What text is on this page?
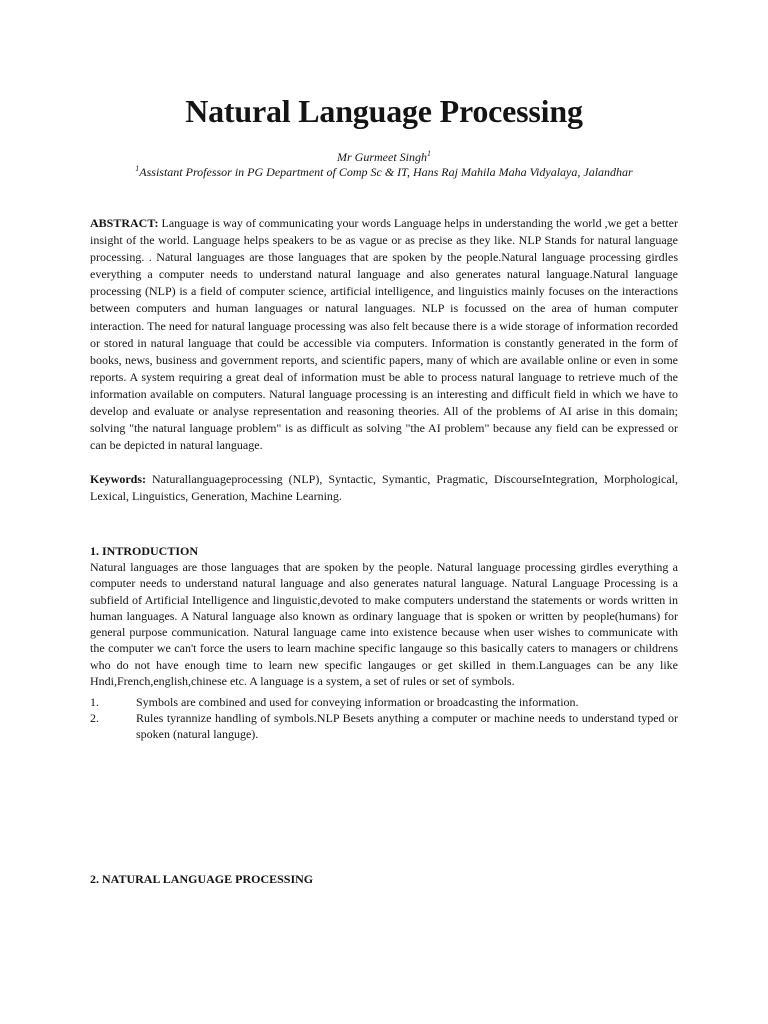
Natural Language Processing
Mr Gurmeet Singh$^1$
$^1$Assistant Professor in PG Department of Comp Sc & IT, Hans Raj Mahila Maha Vidyalaya, Jalandhar

ABSTRACT: Language is way of communicating your words Language helps in understanding the world ,we get a better insight of the world. Language helps speakers to be as vague or as precise as they like. NLP Stands for natural language processing. . Natural languages are those languages that are spoken by the people.Natural language processing girdles everything a computer needs to understand natural language and also generates natural language.Natural language processing (NLP) is a field of computer science, artificial intelligence, and linguistics mainly focuses on the interactions between computers and human languages or natural languages. NLP is focussed on the area of human computer interaction. The need for natural language processing was also felt because there is a wide storage of information recorded or stored in natural language that could be accessible via computers. Information is constantly generated in the form of books, news, business and government reports, and scientific papers, many of which are available online or even in some reports. A system requiring a great deal of information must be able to process natural language to retrieve much of the information available on computers. Natural language processing is an interesting and difficult field in which we have to develop and evaluate or analyse representation and reasoning theories. All of the problems of AI arise in this domain; solving "the natural language problem" is as difficult as solving "the AI problem" because any field can be expressed or can be depicted in natural language.

Keywords: Naturallanguageprocessing (NLP), Syntactic, Symantic, Pragmatic, DiscourseIntegration, Morphological, Lexical, Linguistics, Generation, Machine Learning.

1. INTRODUCTION

Natural languages are those languages that are spoken by the people. Natural language processing girdles everything a computer needs to understand natural language and also generates natural language. Natural Language Processing is a subfield of Artificial Intelligence and linguistic,devoted to make computers understand the statements or words written in human languages. A Natural language also known as ordinary language that is spoken or written by people(humans) for general purpose communication. Natural language came into existence because when user wishes to communicate with the computer we can't force the users to learn machine specific langauge so this basically caters to managers or childrens who do not have enough time to learn new specific langauges or get skilled in them.Languages can be any like Hndi,French,english,chinese etc. A language is a system, a set of rules or set of symbols.

1.	Symbols are combined and used for conveying information or broadcasting the information.
2.	Rules tyrannize handling of symbols.NLP Besets anything a computer or machine needs to understand typed or spoken (natural languge).
2. NATURAL LANGUAGE PROCESSING
